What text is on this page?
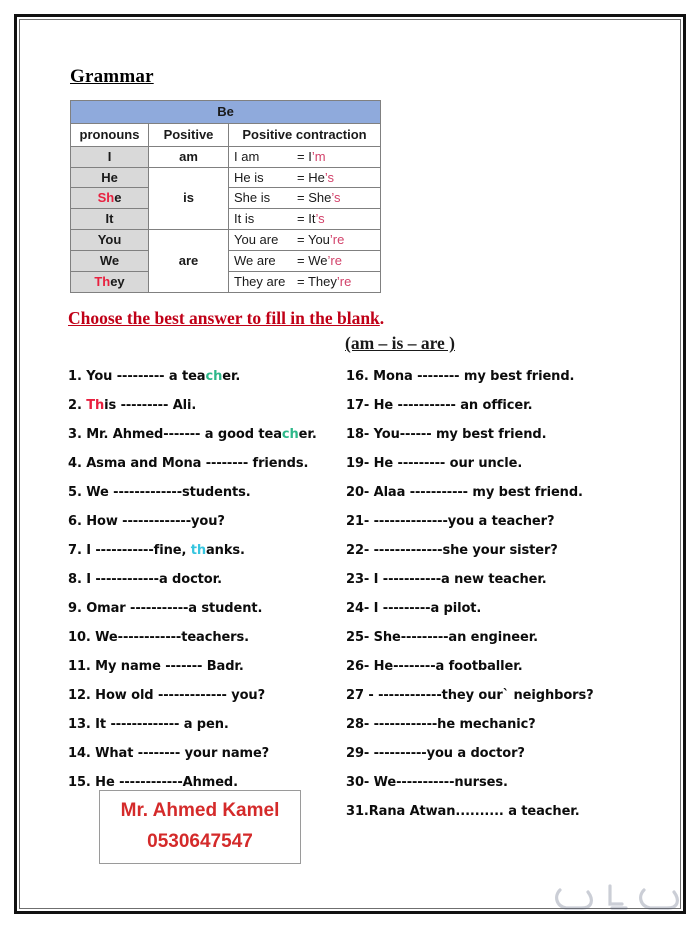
Grammar
Be		
pronouns	Positive	Positive contraction
I	am	I am = I’m
He	is	He is = He’s
She		She is = She’s
It		It is = It’s
You	are	You are = You’re
We		We are = We’re
They		They are = They’re
Choose the best answer to fill in the blank.
(am – is – are )
1. You --------- a teacher.
2. This --------- Ali.
3. Mr. Ahmed------- a good teacher.
4. Asma and Mona -------- friends.
5. We -------------students.
6. How -------------you?
7. I -----------fine, thanks.
8. I ------------a doctor.
9. Omar -----------a student.
10. We------------teachers.
11. My name ------- Badr.
12. How old ------------- you?
13. It ------------- a pen.
14. What -------- your name?
15. He ------------Ahmed.
16. Mona -------- my best friend.
17- He ----------- an officer.
18- You------ my best friend.
19- He --------- our uncle.
20- Alaa ----------- my best friend.
21- --------------you a teacher?
22- -------------she your sister?
23- I -----------a new teacher.
24- I ---------a pilot.
25- She---------an engineer.
26- He--------a footballer.
27 - ------------they our` neighbors?
28- ------------he mechanic?
29- ----------you a doctor?
30- We-----------nurses.
31.Rana Atwan.......... a teacher.
Mr. Ahmed Kamel
0530647547
